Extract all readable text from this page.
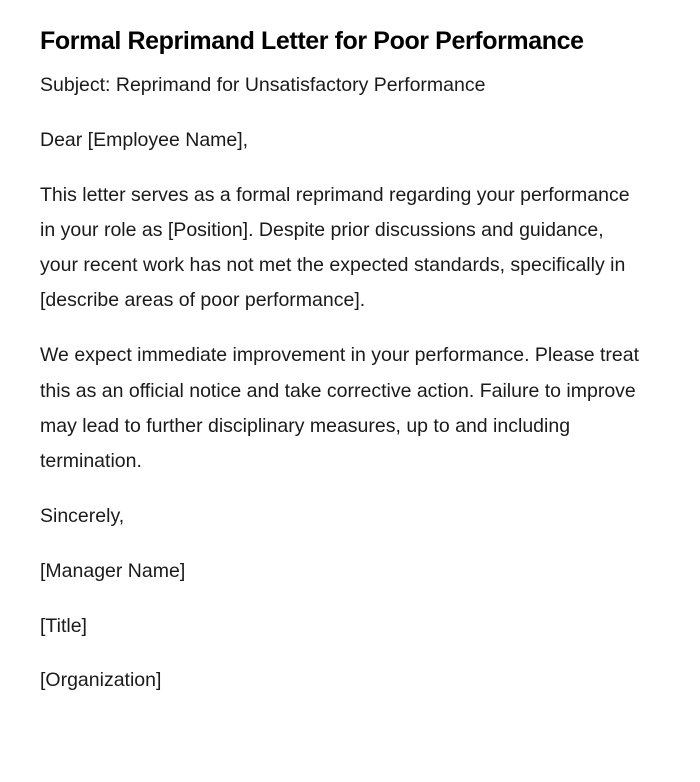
Formal Reprimand Letter for Poor Performance

Subject: Reprimand for Unsatisfactory Performance

Dear [Employee Name],

This letter serves as a formal reprimand regarding your performance in your role as [Position]. Despite prior discussions and guidance, your recent work has not met the expected standards, specifically in [describe areas of poor performance].

We expect immediate improvement in your performance. Please treat this as an official notice and take corrective action. Failure to improve may lead to further disciplinary measures, up to and including termination.

Sincerely,

[Manager Name]

[Title]

[Organization]
